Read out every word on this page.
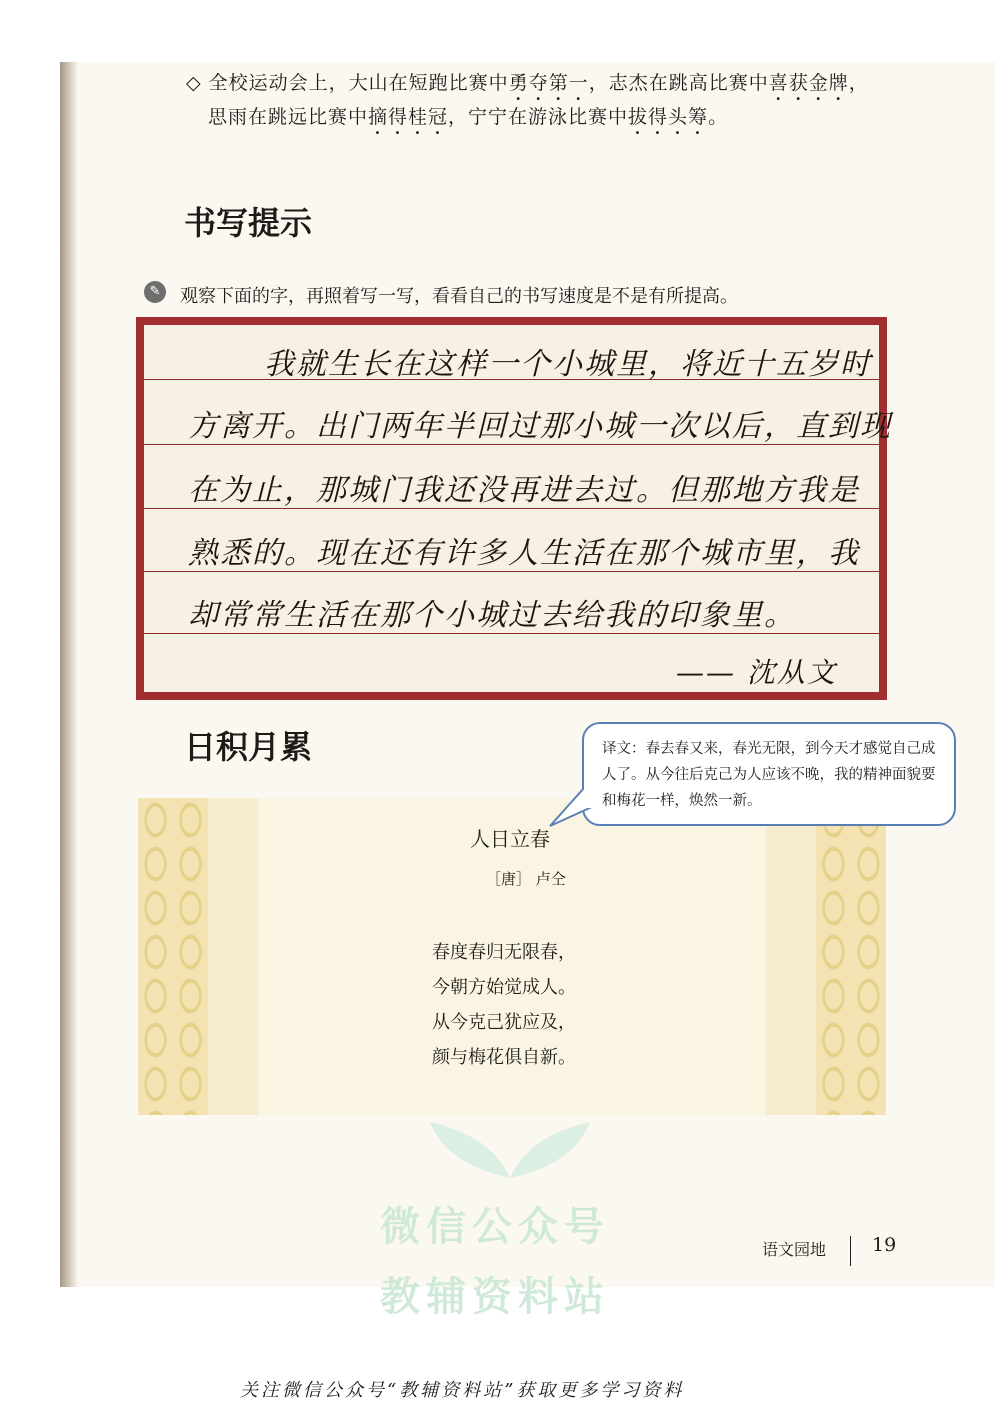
◇ 全校运动会上，大山在短跑比赛中勇夺第一，志杰在跳高比赛中喜获金牌，
思雨在跳远比赛中摘得桂冠，宁宁在游泳比赛中拔得头筹。
微信公众号
教辅资料站
书写提示
✎	观察下面的字，再照着写一写，看看自己的书写速度是不是有所提高。
我就生长在这样一个小城里，将近十五岁时
方离开。出门两年半回过那小城一次以后，直到现
在为止，那城门我还没再进去过。但那地方我是
熟悉的。现在还有许多人生活在那个城市里，我
却常常生活在那个小城过去给我的印象里。
—— 沈从文
日积月累	译文：春去春又来，春光无限，到今天才感觉自己成人了。从今往后克己为人应该不晚，我的精神面貌要和梅花一样，焕然一新。
人日立春
［唐］ 卢仝
春度春归无限春，
今朝方始觉成人。
从今克己犹应及，
颜与梅花俱自新。
语文园地 19
关注微信公众号“教辅资料站”获取更多学习资料
